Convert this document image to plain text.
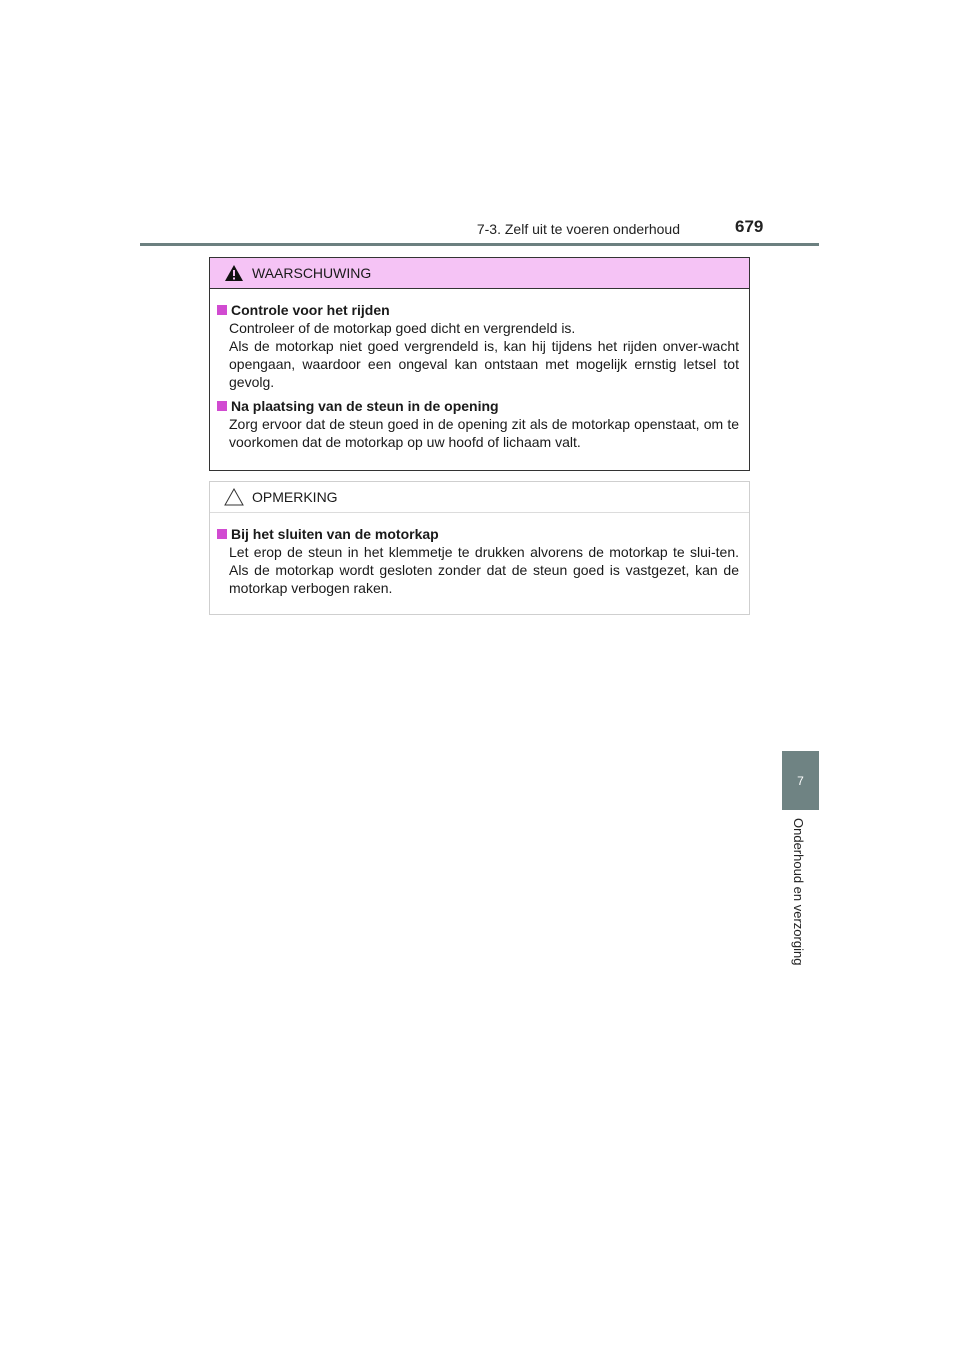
7-3. Zelf uit te voeren onderhoud	679
7
Onderhoud en verzorging
WAARSCHUWING
Controle voor het rijden
Controleer of de motorkap goed dicht en vergrendeld is.
Als de motorkap niet goed vergrendeld is, kan hij tijdens het rijden onver-wacht opengaan, waardoor een ongeval kan ontstaan met mogelijk ernstig letsel tot gevolg.
Na plaatsing van de steun in de opening
Zorg ervoor dat de steun goed in de opening zit als de motorkap openstaat, om te voorkomen dat de motorkap op uw hoofd of lichaam valt.
OPMERKING
Bij het sluiten van de motorkap
Let erop de steun in het klemmetje te drukken alvorens de motorkap te slui-ten. Als de motorkap wordt gesloten zonder dat de steun goed is vastgezet, kan de motorkap verbogen raken.
